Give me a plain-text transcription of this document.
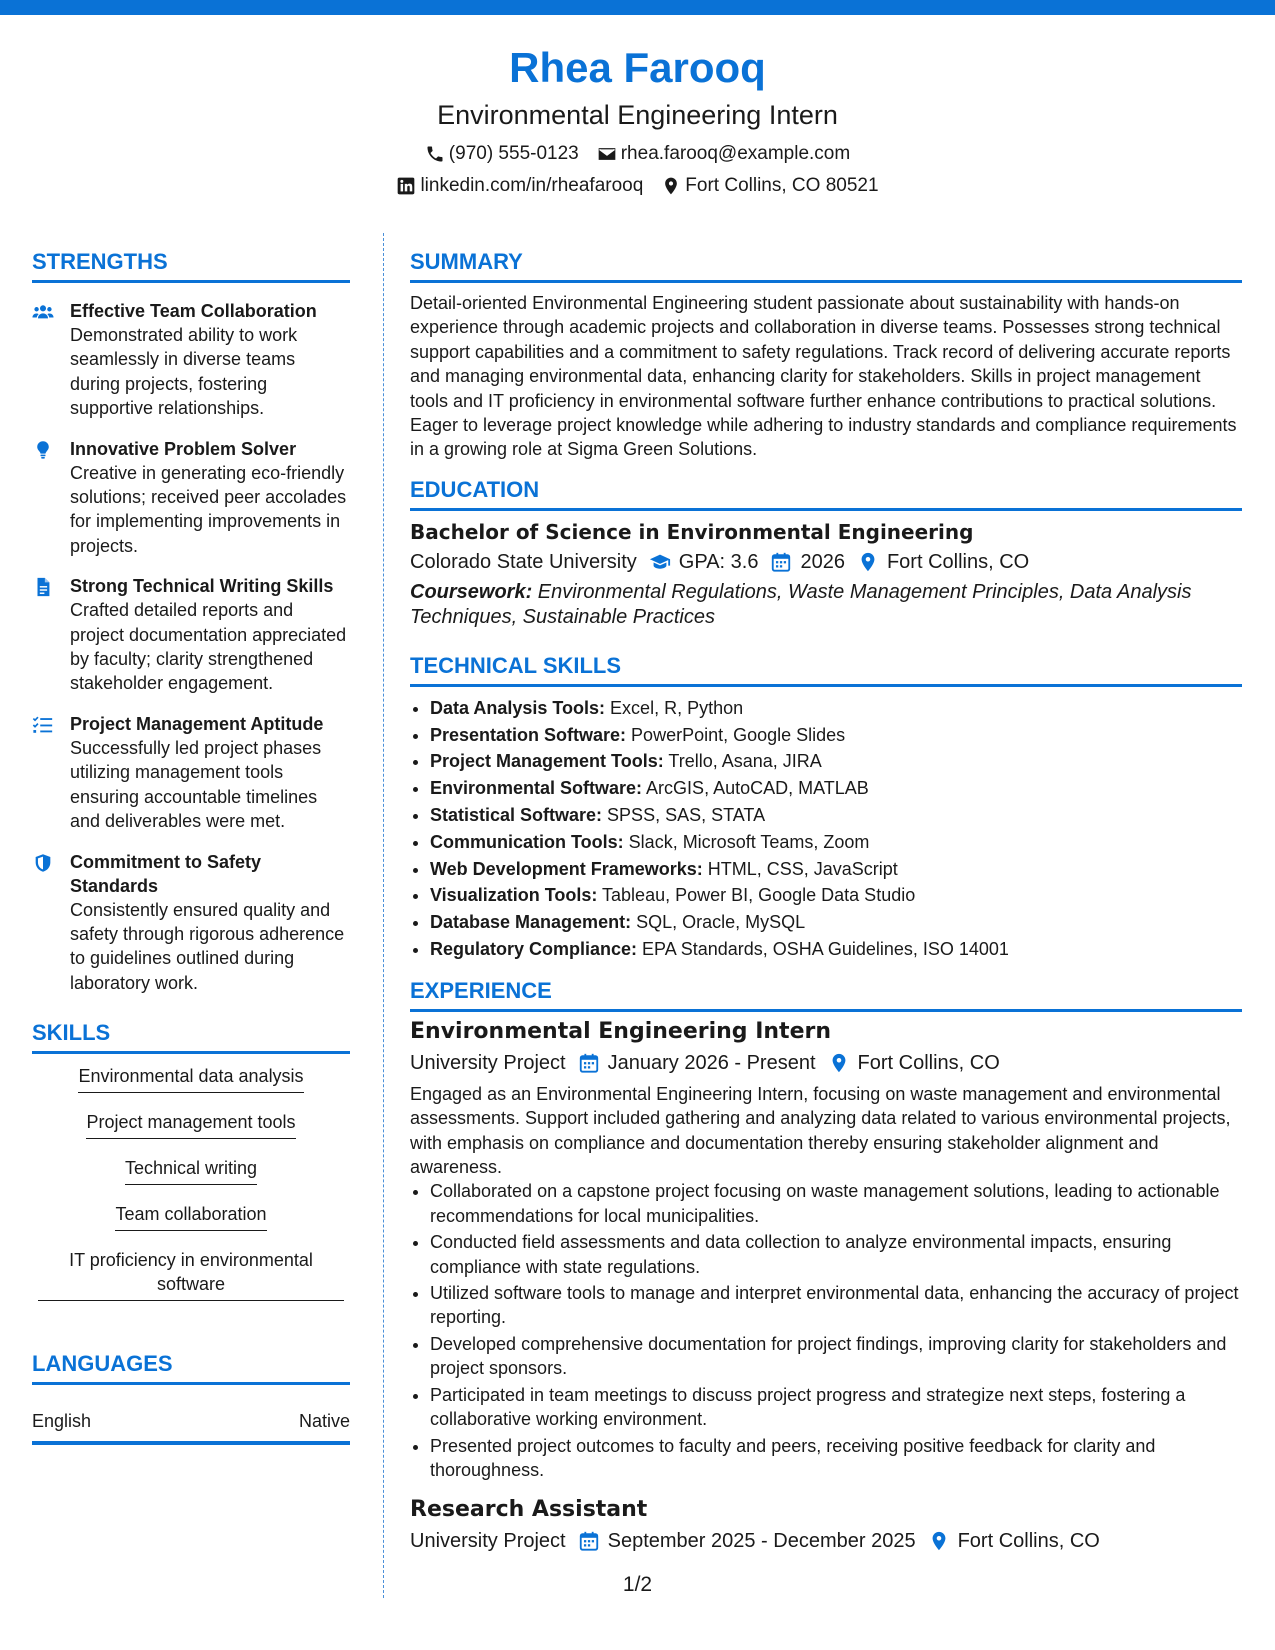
Rhea Farooq
Environmental Engineering Intern
(970) 555-0123 rhea.farooq@example.com
linkedin.com/in/rheafarooq Fort Collins, CO 80521
STRENGTHS
Effective Team Collaboration
Demonstrated ability to work seamlessly in diverse teams during projects, fostering supportive relationships.
Innovative Problem Solver
Creative in generating eco-friendly solutions; received peer accolades for implementing improvements in projects.
Strong Technical Writing Skills
Crafted detailed reports and project documentation appreciated by faculty; clarity strengthened stakeholder engagement.
Project Management Aptitude
Successfully led project phases utilizing management tools ensuring accountable timelines and deliverables were met.
Commitment to Safety Standards
Consistently ensured quality and safety through rigorous adherence to guidelines outlined during laboratory work.
SKILLS
Environmental data analysis
Project management tools
Technical writing
Team collaboration
IT proficiency in environmental software
LANGUAGES
English	Native
SUMMARY
Detail-oriented Environmental Engineering student passionate about sustainability with hands-on experience through academic projects and collaboration in diverse teams. Possesses strong technical support capabilities and a commitment to safety regulations. Track record of delivering accurate reports and managing environmental data, enhancing clarity for stakeholders. Skills in project management tools and IT proficiency in environmental software further enhance contributions to practical solutions. Eager to leverage project knowledge while adhering to industry standards and compliance requirements in a growing role at Sigma Green Solutions.
EDUCATION
Bachelor of Science in Environmental Engineering
Colorado State University GPA: 3.6 2026 Fort Collins, CO
Coursework: Environmental Regulations, Waste Management Principles, Data Analysis Techniques, Sustainable Practices
TECHNICAL SKILLS
• Data Analysis Tools: Excel, R, Python
• Presentation Software: PowerPoint, Google Slides
• Project Management Tools: Trello, Asana, JIRA
• Environmental Software: ArcGIS, AutoCAD, MATLAB
• Statistical Software: SPSS, SAS, STATA
• Communication Tools: Slack, Microsoft Teams, Zoom
• Web Development Frameworks: HTML, CSS, JavaScript
• Visualization Tools: Tableau, Power BI, Google Data Studio
• Database Management: SQL, Oracle, MySQL
• Regulatory Compliance: EPA Standards, OSHA Guidelines, ISO 14001
EXPERIENCE
Environmental Engineering Intern
University Project January 2026 - Present Fort Collins, CO
Engaged as an Environmental Engineering Intern, focusing on waste management and environmental assessments. Support included gathering and analyzing data related to various environmental projects, with emphasis on compliance and documentation thereby ensuring stakeholder alignment and awareness.
• Collaborated on a capstone project focusing on waste management solutions, leading to actionable recommendations for local municipalities.
• Conducted field assessments and data collection to analyze environmental impacts, ensuring compliance with state regulations.
• Utilized software tools to manage and interpret environmental data, enhancing the accuracy of project reporting.
• Developed comprehensive documentation for project findings, improving clarity for stakeholders and project sponsors.
• Participated in team meetings to discuss project progress and strategize next steps, fostering a collaborative working environment.
• Presented project outcomes to faculty and peers, receiving positive feedback for clarity and thoroughness.
Research Assistant
University Project September 2025 - December 2025 Fort Collins, CO
1/2
